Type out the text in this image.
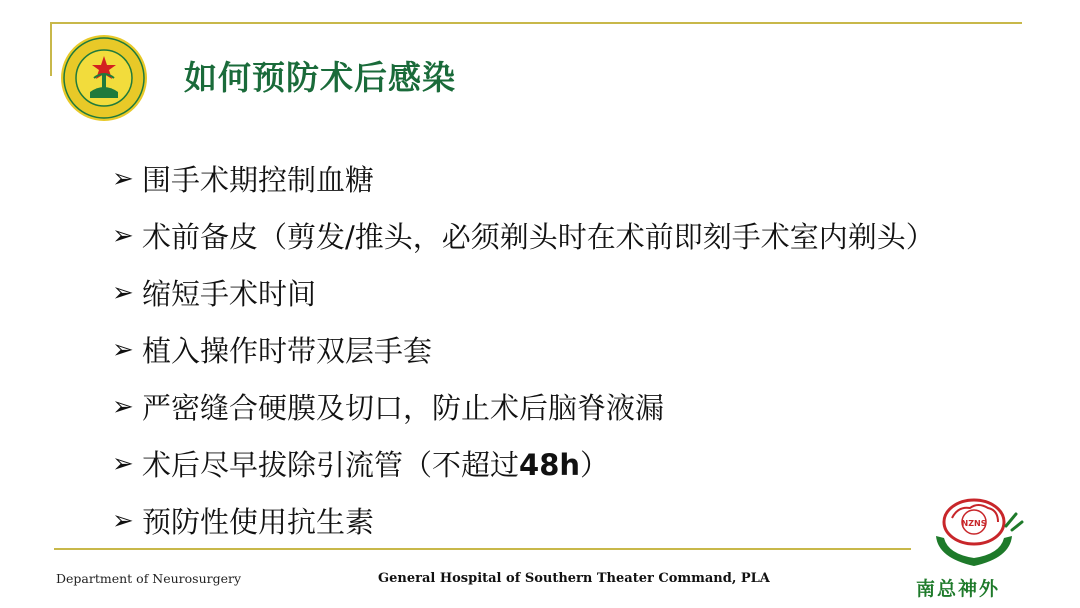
如何预防术后感染
➢ 围手术期控制血糖
➢ 术前备皮（剪发/推头，必须剃头时在术前即刻手术室内剃头）
➢ 缩短手术时间
➢ 植入操作时带双层手套
➢ 严密缝合硬膜及切口，防止术后脑脊液漏
➢ 术后尽早拔除引流管（不超过48h）
➢ 预防性使用抗生素
Department of Neurosurgery	General Hospital of Southern Theater Command, PLA
NZNS
南总神外
